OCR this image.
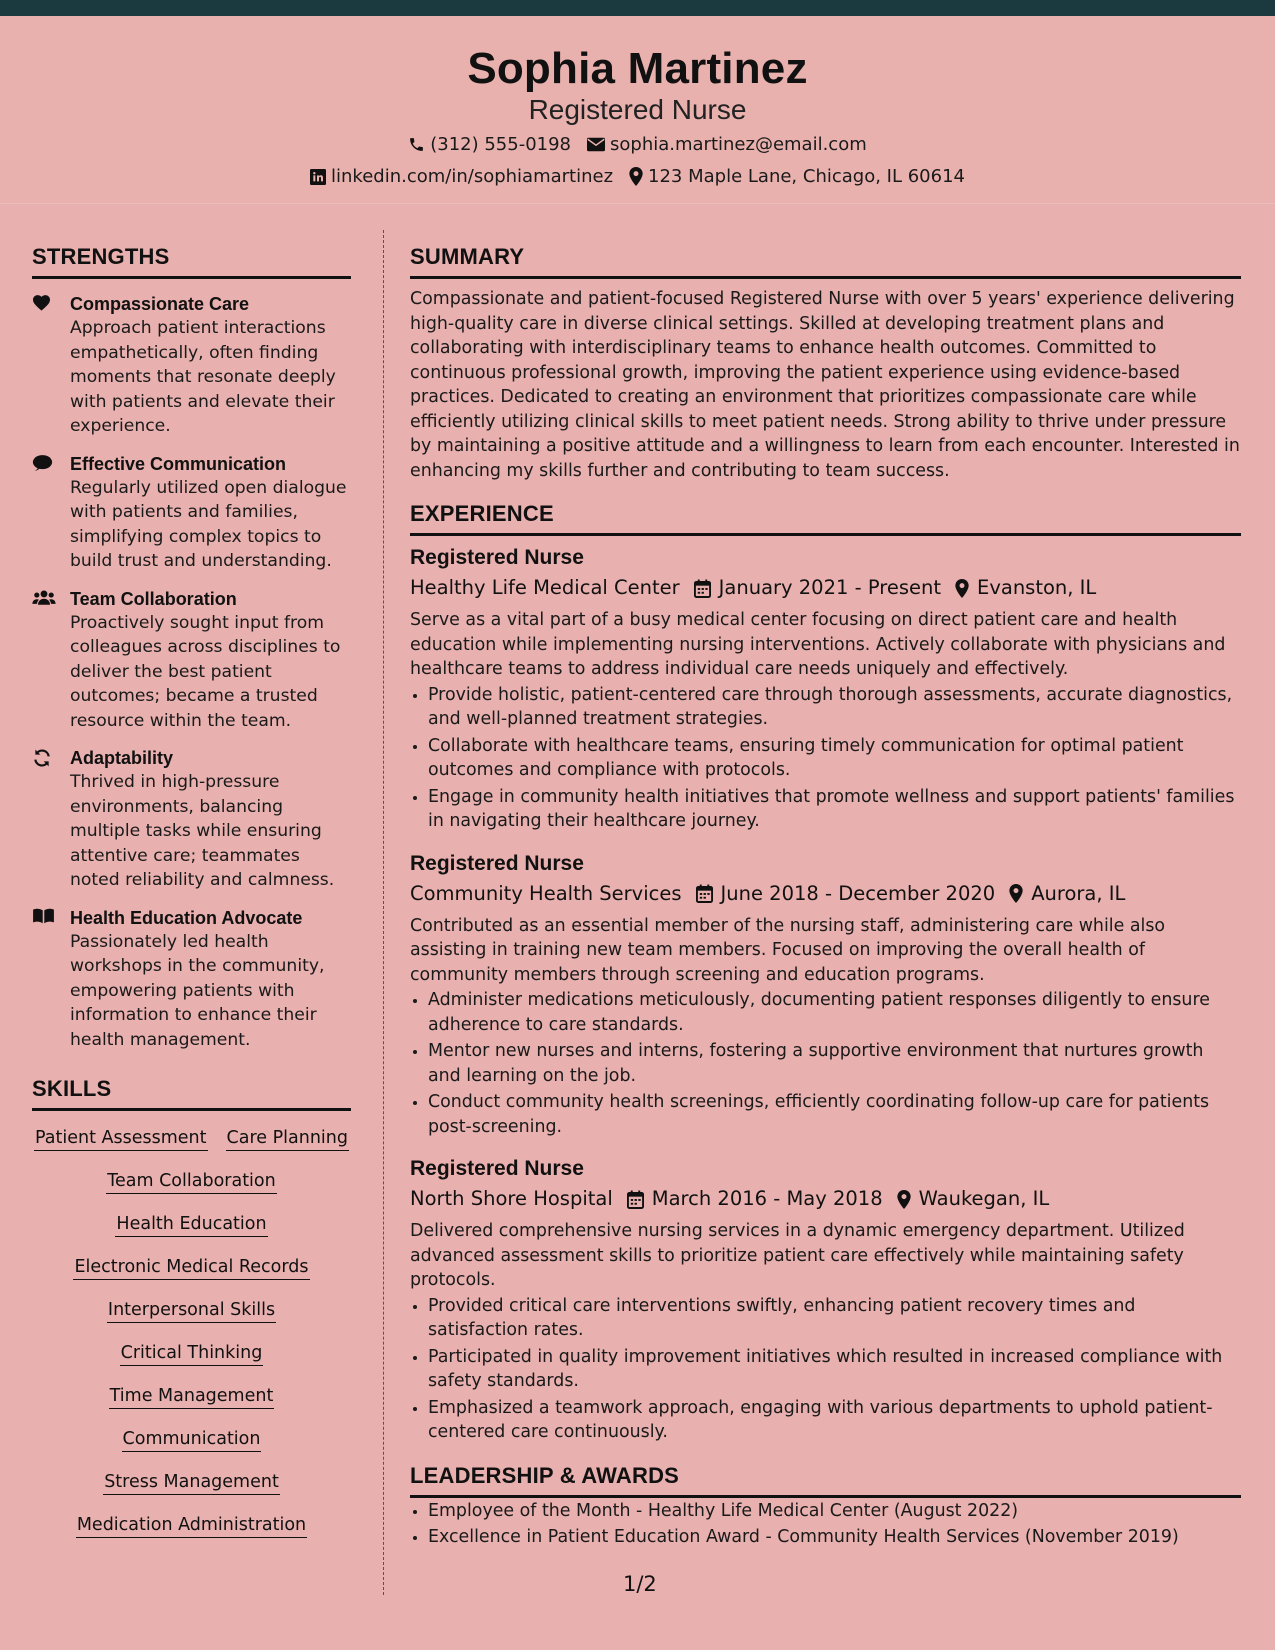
Sophia Martinez
Registered Nurse
(312) 555-0198 sophia.martinez@email.com
linkedin.com/in/sophiamartinez 123 Maple Lane, Chicago, IL 60614
STRENGTHS
Compassionate Care
Approach patient interactions empathetically, often finding moments that resonate deeply with patients and elevate their experience.
Effective Communication
Regularly utilized open dialogue with patients and families, simplifying complex topics to build trust and understanding.
Team Collaboration
Proactively sought input from colleagues across disciplines to deliver the best patient outcomes; became a trusted resource within the team.
Adaptability
Thrived in high-pressure environments, balancing multiple tasks while ensuring attentive care; teammates noted reliability and calmness.
Health Education Advocate
Passionately led health workshops in the community, empowering patients with information to enhance their health management.
SKILLS
Patient Assessment Care Planning
Team Collaboration
Health Education
Electronic Medical Records
Interpersonal Skills
Critical Thinking
Time Management
Communication
Stress Management
Medication Administration
SUMMARY
Compassionate and patient-focused Registered Nurse with over 5 years' experience delivering high-quality care in diverse clinical settings. Skilled at developing treatment plans and collaborating with interdisciplinary teams to enhance health outcomes. Committed to continuous professional growth, improving the patient experience using evidence-based practices. Dedicated to creating an environment that prioritizes compassionate care while efficiently utilizing clinical skills to meet patient needs. Strong ability to thrive under pressure by maintaining a positive attitude and a willingness to learn from each encounter. Interested in enhancing my skills further and contributing to team success.
EXPERIENCE
Registered Nurse
Healthy Life Medical Center January 2021 - Present Evanston, IL
Serve as a vital part of a busy medical center focusing on direct patient care and health education while implementing nursing interventions. Actively collaborate with physicians and healthcare teams to address individual care needs uniquely and effectively.
• Provide holistic, patient-centered care through thorough assessments, accurate diagnostics, and well-planned treatment strategies.
• Collaborate with healthcare teams, ensuring timely communication for optimal patient outcomes and compliance with protocols.
• Engage in community health initiatives that promote wellness and support patients' families in navigating their healthcare journey.
Registered Nurse
Community Health Services June 2018 - December 2020 Aurora, IL
Contributed as an essential member of the nursing staff, administering care while also assisting in training new team members. Focused on improving the overall health of community members through screening and education programs.
• Administer medications meticulously, documenting patient responses diligently to ensure adherence to care standards.
• Mentor new nurses and interns, fostering a supportive environment that nurtures growth and learning on the job.
• Conduct community health screenings, efficiently coordinating follow-up care for patients post-screening.
Registered Nurse
North Shore Hospital March 2016 - May 2018 Waukegan, IL
Delivered comprehensive nursing services in a dynamic emergency department. Utilized advanced assessment skills to prioritize patient care effectively while maintaining safety protocols.
• Provided critical care interventions swiftly, enhancing patient recovery times and satisfaction rates.
• Participated in quality improvement initiatives which resulted in increased compliance with safety standards.
• Emphasized a teamwork approach, engaging with various departments to uphold patient-centered care continuously.
LEADERSHIP & AWARDS
• Employee of the Month - Healthy Life Medical Center (August 2022)
• Excellence in Patient Education Award - Community Health Services (November 2019)
1/2
